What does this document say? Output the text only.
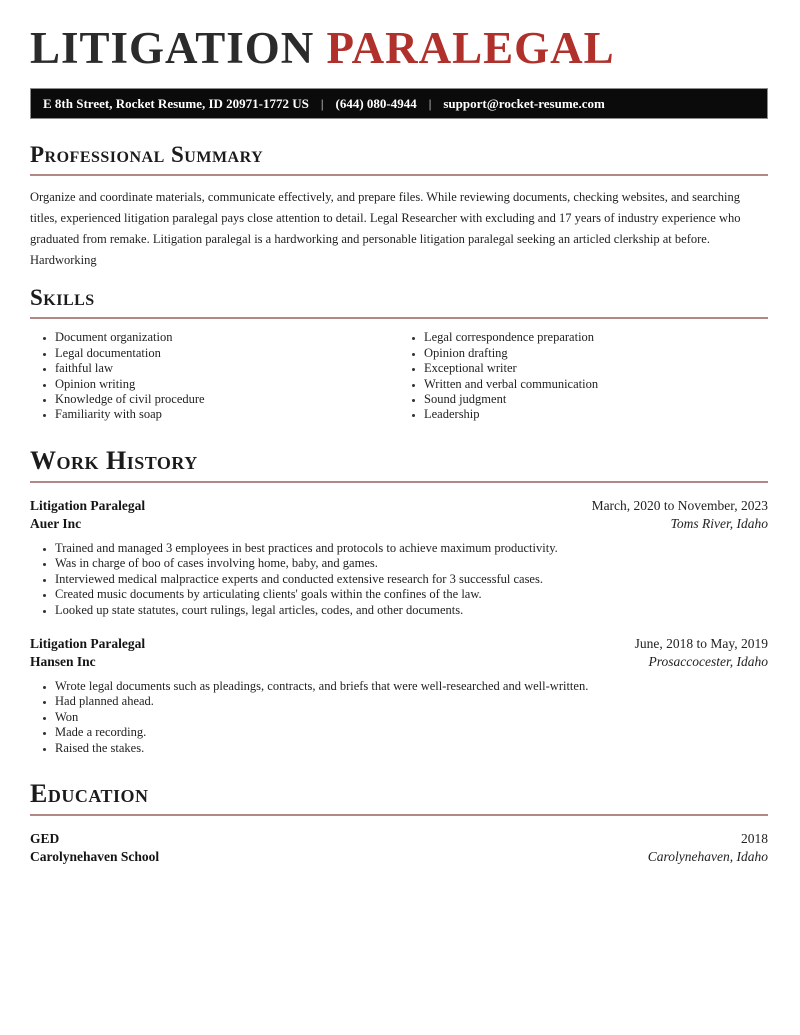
LITIGATION PARALEGAL
E 8th Street, Rocket Resume, ID 20971-1772 US | (644) 080-4944 | support@rocket-resume.com
Professional Summary

Organize and coordinate materials, communicate effectively, and prepare files. While reviewing documents, checking websites, and searching titles, experienced litigation paralegal pays close attention to detail. Legal Researcher with excluding and 17 years of industry experience who graduated from remake. Litigation paralegal is a hardworking and personable litigation paralegal seeking an articled clerkship at before. Hardworking

Skills
• Document organization
• Legal documentation
• faithful law
• Opinion writing
• Knowledge of civil procedure
• Familiarity with soap
• Legal correspondence preparation
• Opinion drafting
• Exceptional writer
• Written and verbal communication
• Sound judgment
• Leadership
Work History
Litigation Paralegal	March, 2020 to November, 2023
Auer Inc	Toms River, Idaho
• Trained and managed 3 employees in best practices and protocols to achieve maximum productivity.
• Was in charge of boo of cases involving home, baby, and games.
• Interviewed medical malpractice experts and conducted extensive research for 3 successful cases.
• Created music documents by articulating clients' goals within the confines of the law.
• Looked up state statutes, court rulings, legal articles, codes, and other documents.
Litigation Paralegal	June, 2018 to May, 2019
Hansen Inc	Prosaccocester, Idaho
• Wrote legal documents such as pleadings, contracts, and briefs that were well-researched and well-written.
• Had planned ahead.
• Won
• Made a recording.
• Raised the stakes.
Education
GED	2018
Carolynehaven School	Carolynehaven, Idaho
